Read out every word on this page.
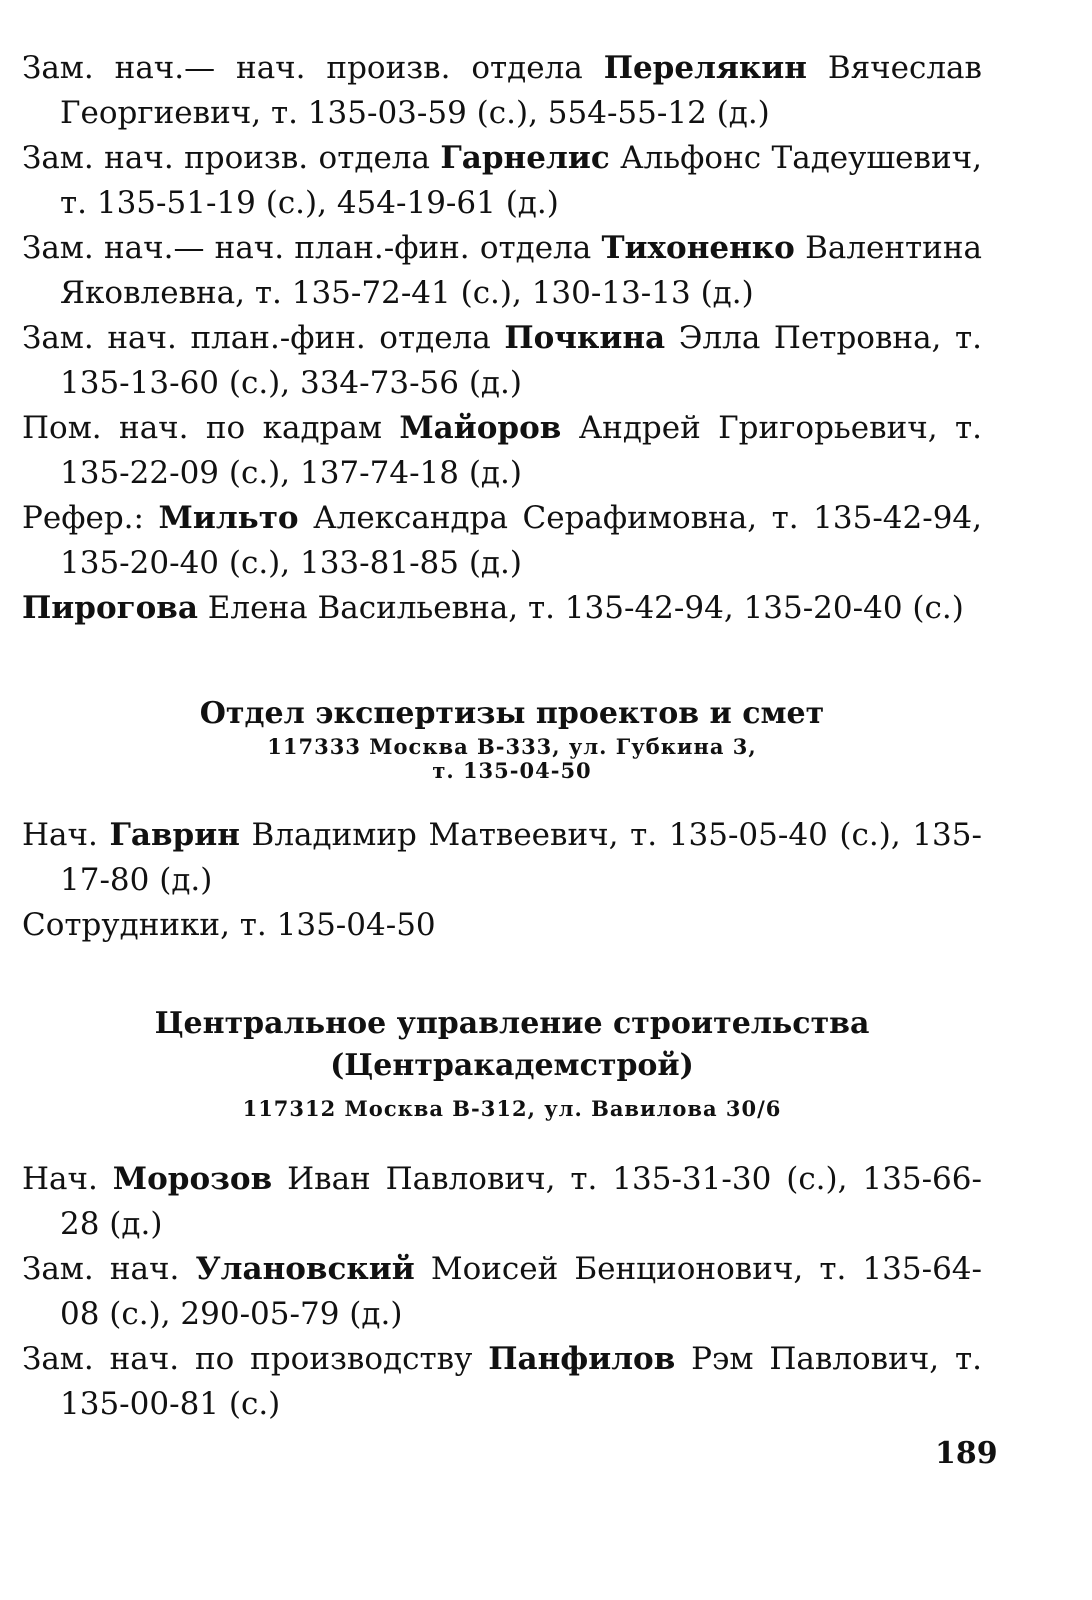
Зам. нач.— нач. произв. отдела Перелякин Вячеслав Георгиевич, т. 135-03-59 (с.), 554-55-12 (д.)

Зам. нач. произв. отдела Гарнелис Альфонс Тадеушевич, т. 135-51-19 (с.), 454-19-61 (д.)

Зам. нач.— нач. план.-фин. отдела Тихоненко Валентина Яковлевна, т. 135-72-41 (с.), 130-13-13 (д.)

Зам. нач. план.-фин. отдела Почкина Элла Петровна, т. 135-13-60 (с.), 334-73-56 (д.)

Пом. нач. по кадрам Майоров Андрей Григорьевич, т. 135-22-09 (с.), 137-74-18 (д.)

Рефер.: Мильто Александра Серафимовна, т. 135-42-94, 135-20-40 (с.), 133-81-85 (д.)

Пирогова Елена Васильевна, т. 135-42-94, 135-20-40 (с.)

Отдел экспертизы проектов и смет

117333 Москва В-333, ул. Губкина 3,

т. 135-04-50

Нач. Гаврин Владимир Матвеевич, т. 135-05-40 (с.), 135-17-80 (д.)

Сотрудники, т. 135-04-50

Центральное управление строительства

(Центракадемстрой)

117312 Москва В-312, ул. Вавилова 30/6

Нач. Морозов Иван Павлович, т. 135-31-30 (с.), 135-66-28 (д.)

Зам. нач. Улановский Моисей Бенционович, т. 135-64-08 (с.), 290-05-79 (д.)

Зам. нач. по производству Панфилов Рэм Павлович, т. 135-00-81 (с.)

189
